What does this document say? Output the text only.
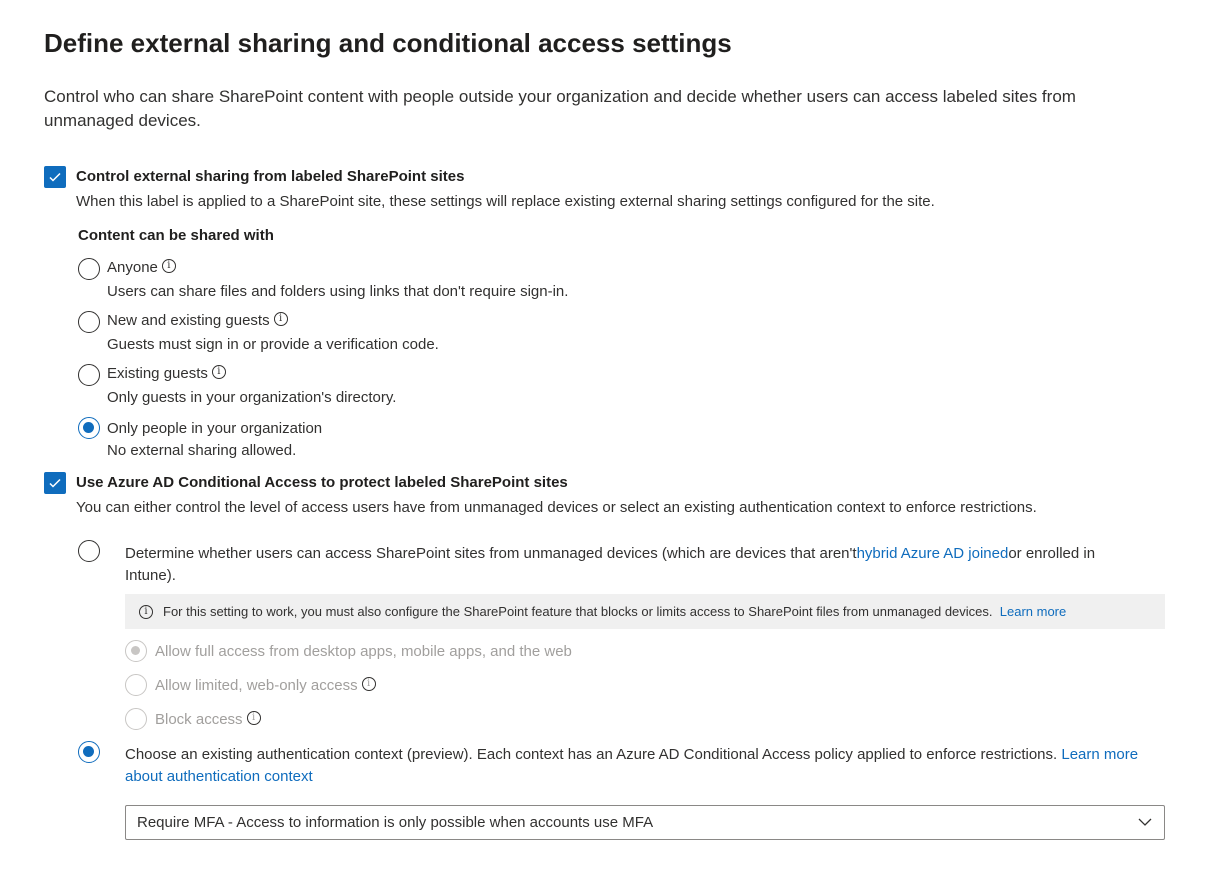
Define external sharing and conditional access settings

Control who can share SharePoint content with people outside your organization and decide whether users can access labeled sites from unmanaged devices.

Control external sharing from labeled SharePoint sites
When this label is applied to a SharePoint site, these settings will replace existing external sharing settings configured for the site.
Content can be shared with
Anyone i
Users can share files and folders using links that don't require sign-in.
New and existing guests i
Guests must sign in or provide a verification code.
Existing guests i
Only guests in your organization's directory.
Only people in your organization
No external sharing allowed.
Use Azure AD Conditional Access to protect labeled SharePoint sites
You can either control the level of access users have from unmanaged devices or select an existing authentication context to enforce restrictions.
Determine whether users can access SharePoint sites from unmanaged devices (which are devices that aren'thybrid Azure AD joinedor enrolled in Intune).
i	For this setting to work, you must also configure the SharePoint feature that blocks or limits access to SharePoint files from unmanaged devices.
Learn more
Allow full access from desktop apps, mobile apps, and the web
Allow limited, web-only access i
Block access i
Choose an existing authentication context (preview). Each context has an Azure AD Conditional Access policy applied to enforce restrictions. Learn more about authentication context
Require MFA - Access to information is only possible when accounts use MFA
